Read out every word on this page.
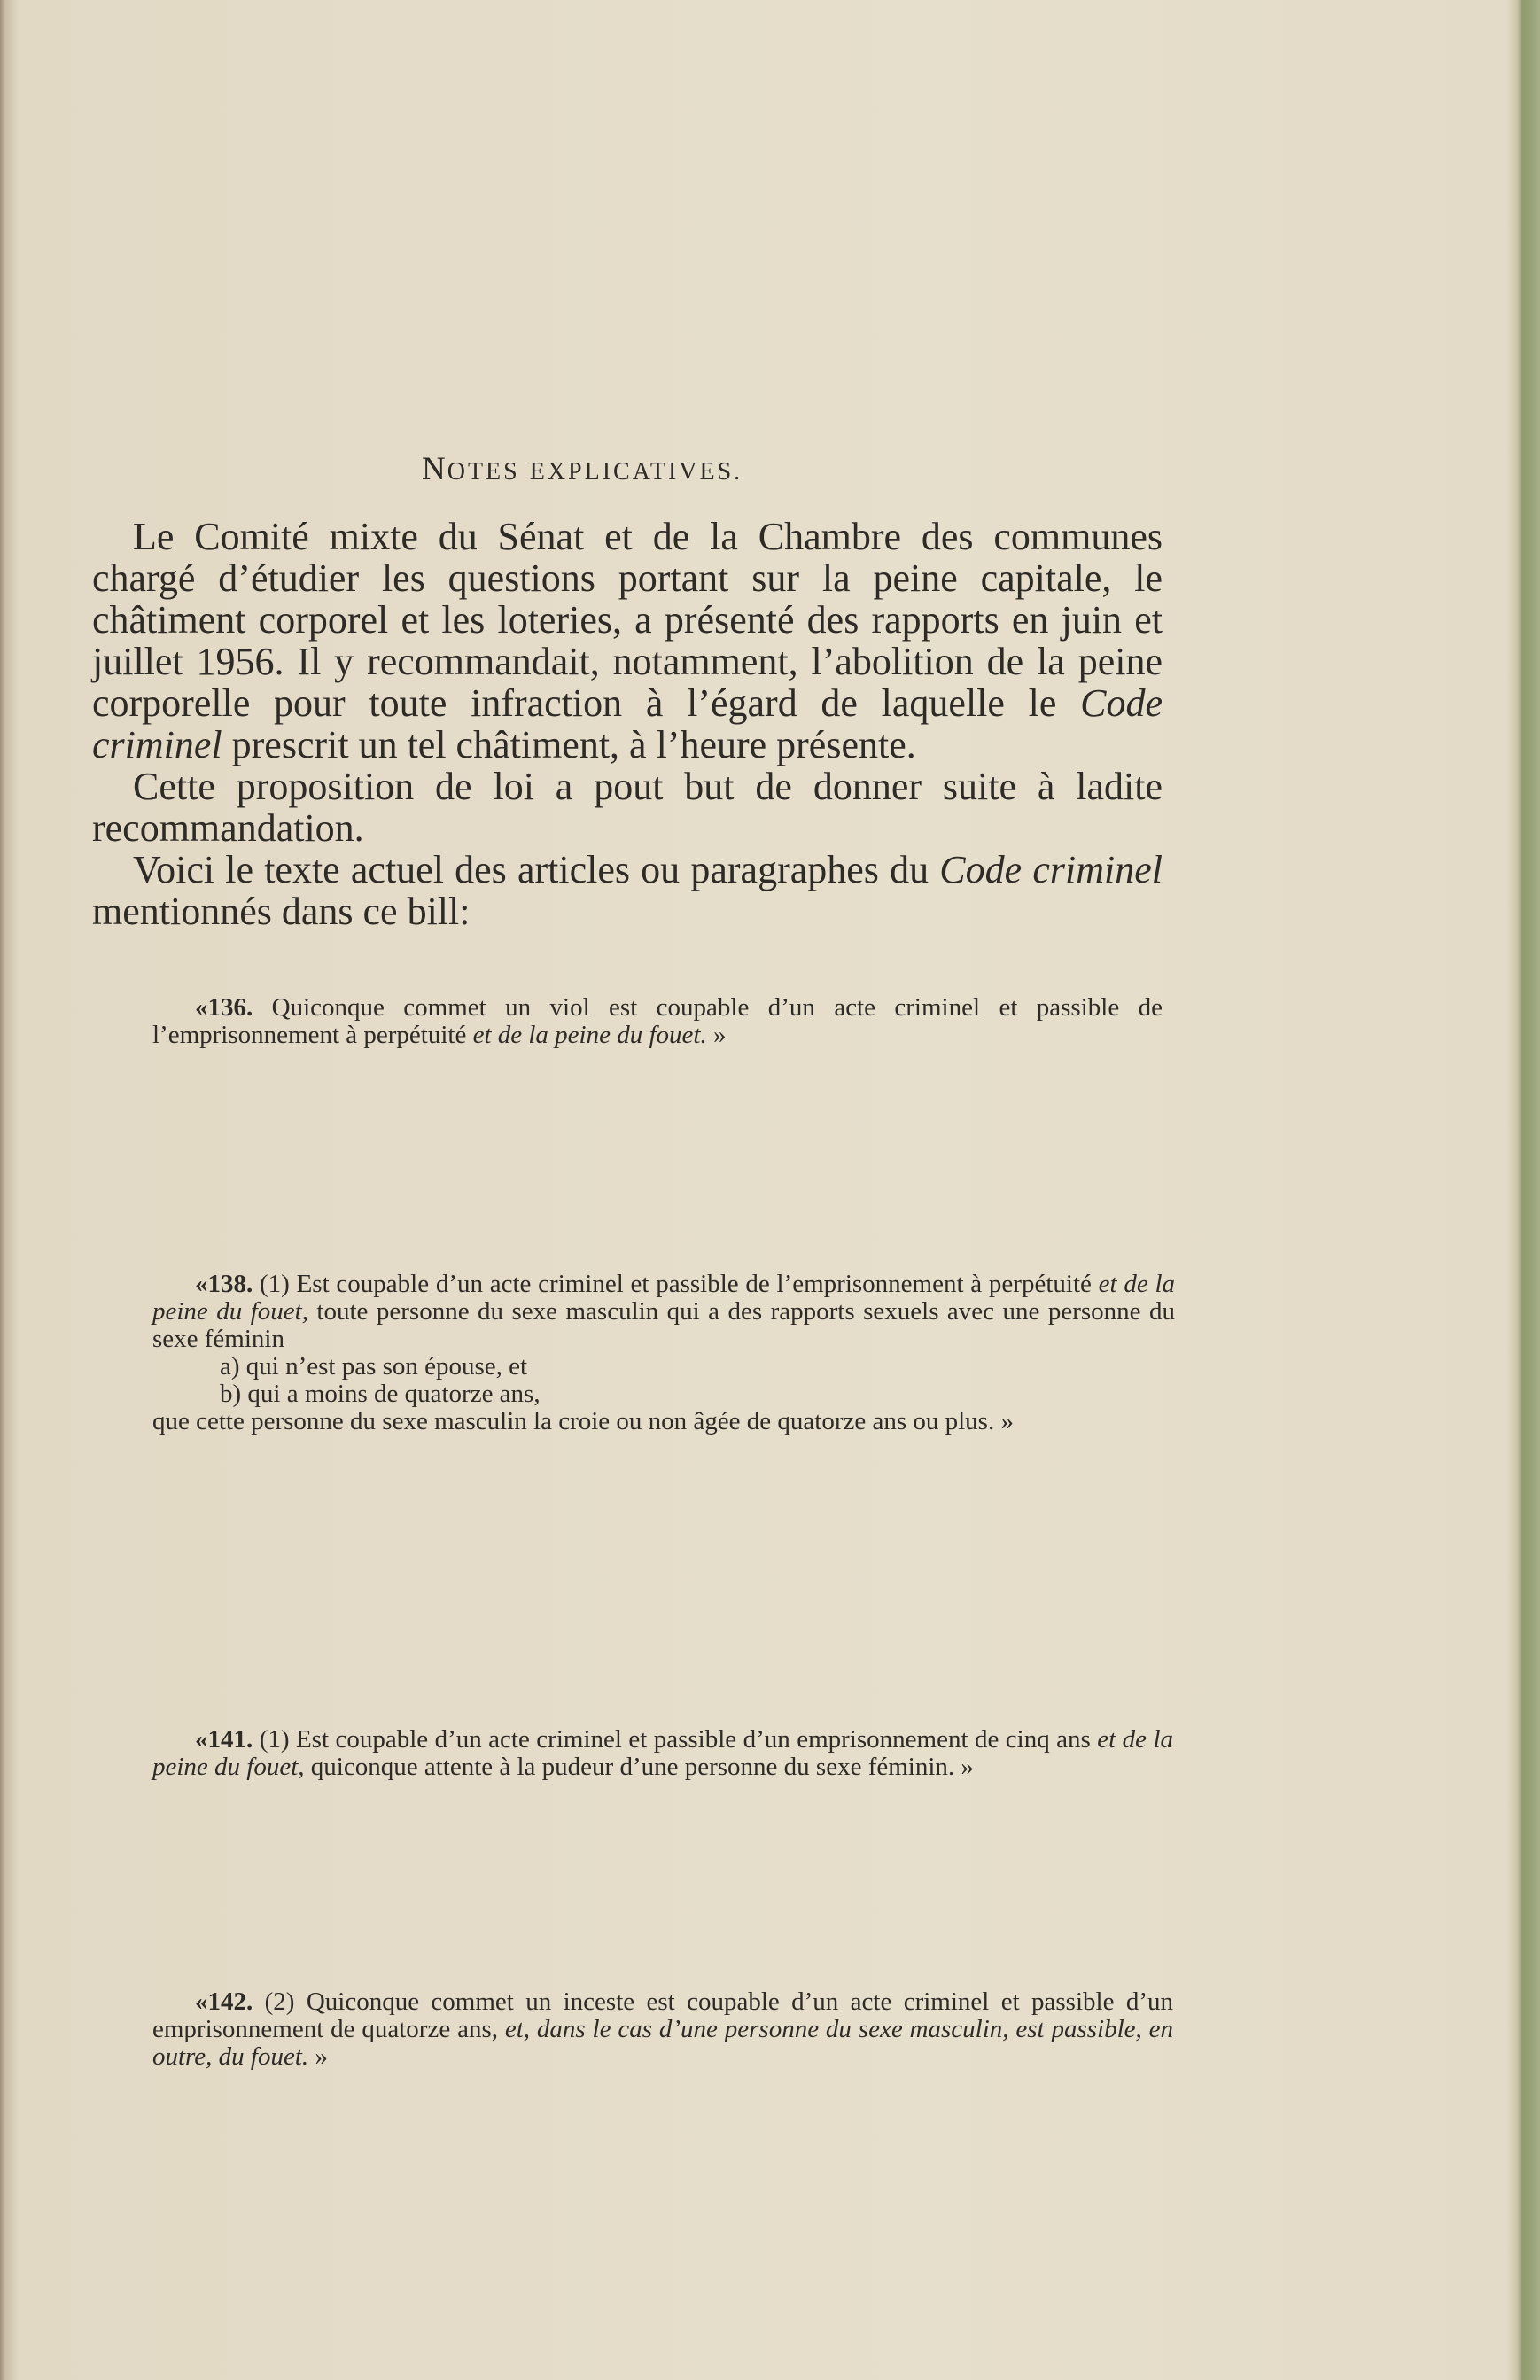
NOTES EXPLICATIVES.

Le Comité mixte du Sénat et de la Chambre des communes chargé d’étudier les questions portant sur la peine capitale, le châtiment corporel et les loteries, a présenté des rapports en juin et juillet 1956. Il y recommandait, notamment, l’abolition de la peine corporelle pour toute infraction à l’égard de laquelle le Code criminel prescrit un tel châtiment, à l’heure présente.

Cette proposition de loi a pout but de donner suite à ladite recommandation.

Voici le texte actuel des articles ou paragraphes du Code criminel mentionnés dans ce bill:

«136. Quiconque commet un viol est coupable d’un acte criminel et passible de l’emprisonnement à perpétuité et de la peine du fouet. »

«138. (1) Est coupable d’un acte criminel et passible de l’emprisonnement à perpétuité et de la peine du fouet, toute personne du sexe masculin qui a des rapports sexuels avec une personne du sexe féminin

a) qui n’est pas son épouse, et

b) qui a moins de quatorze ans,

que cette personne du sexe masculin la croie ou non âgée de quatorze ans ou plus. »

«141. (1) Est coupable d’un acte criminel et passible d’un emprisonnement de cinq ans et de la peine du fouet, quiconque attente à la pudeur d’une personne du sexe féminin. »

«142. (2) Quiconque commet un inceste est coupable d’un acte criminel et passible d’un emprisonnement de quatorze ans, et, dans le cas d’une personne du sexe masculin, est passible, en outre, du fouet. »
